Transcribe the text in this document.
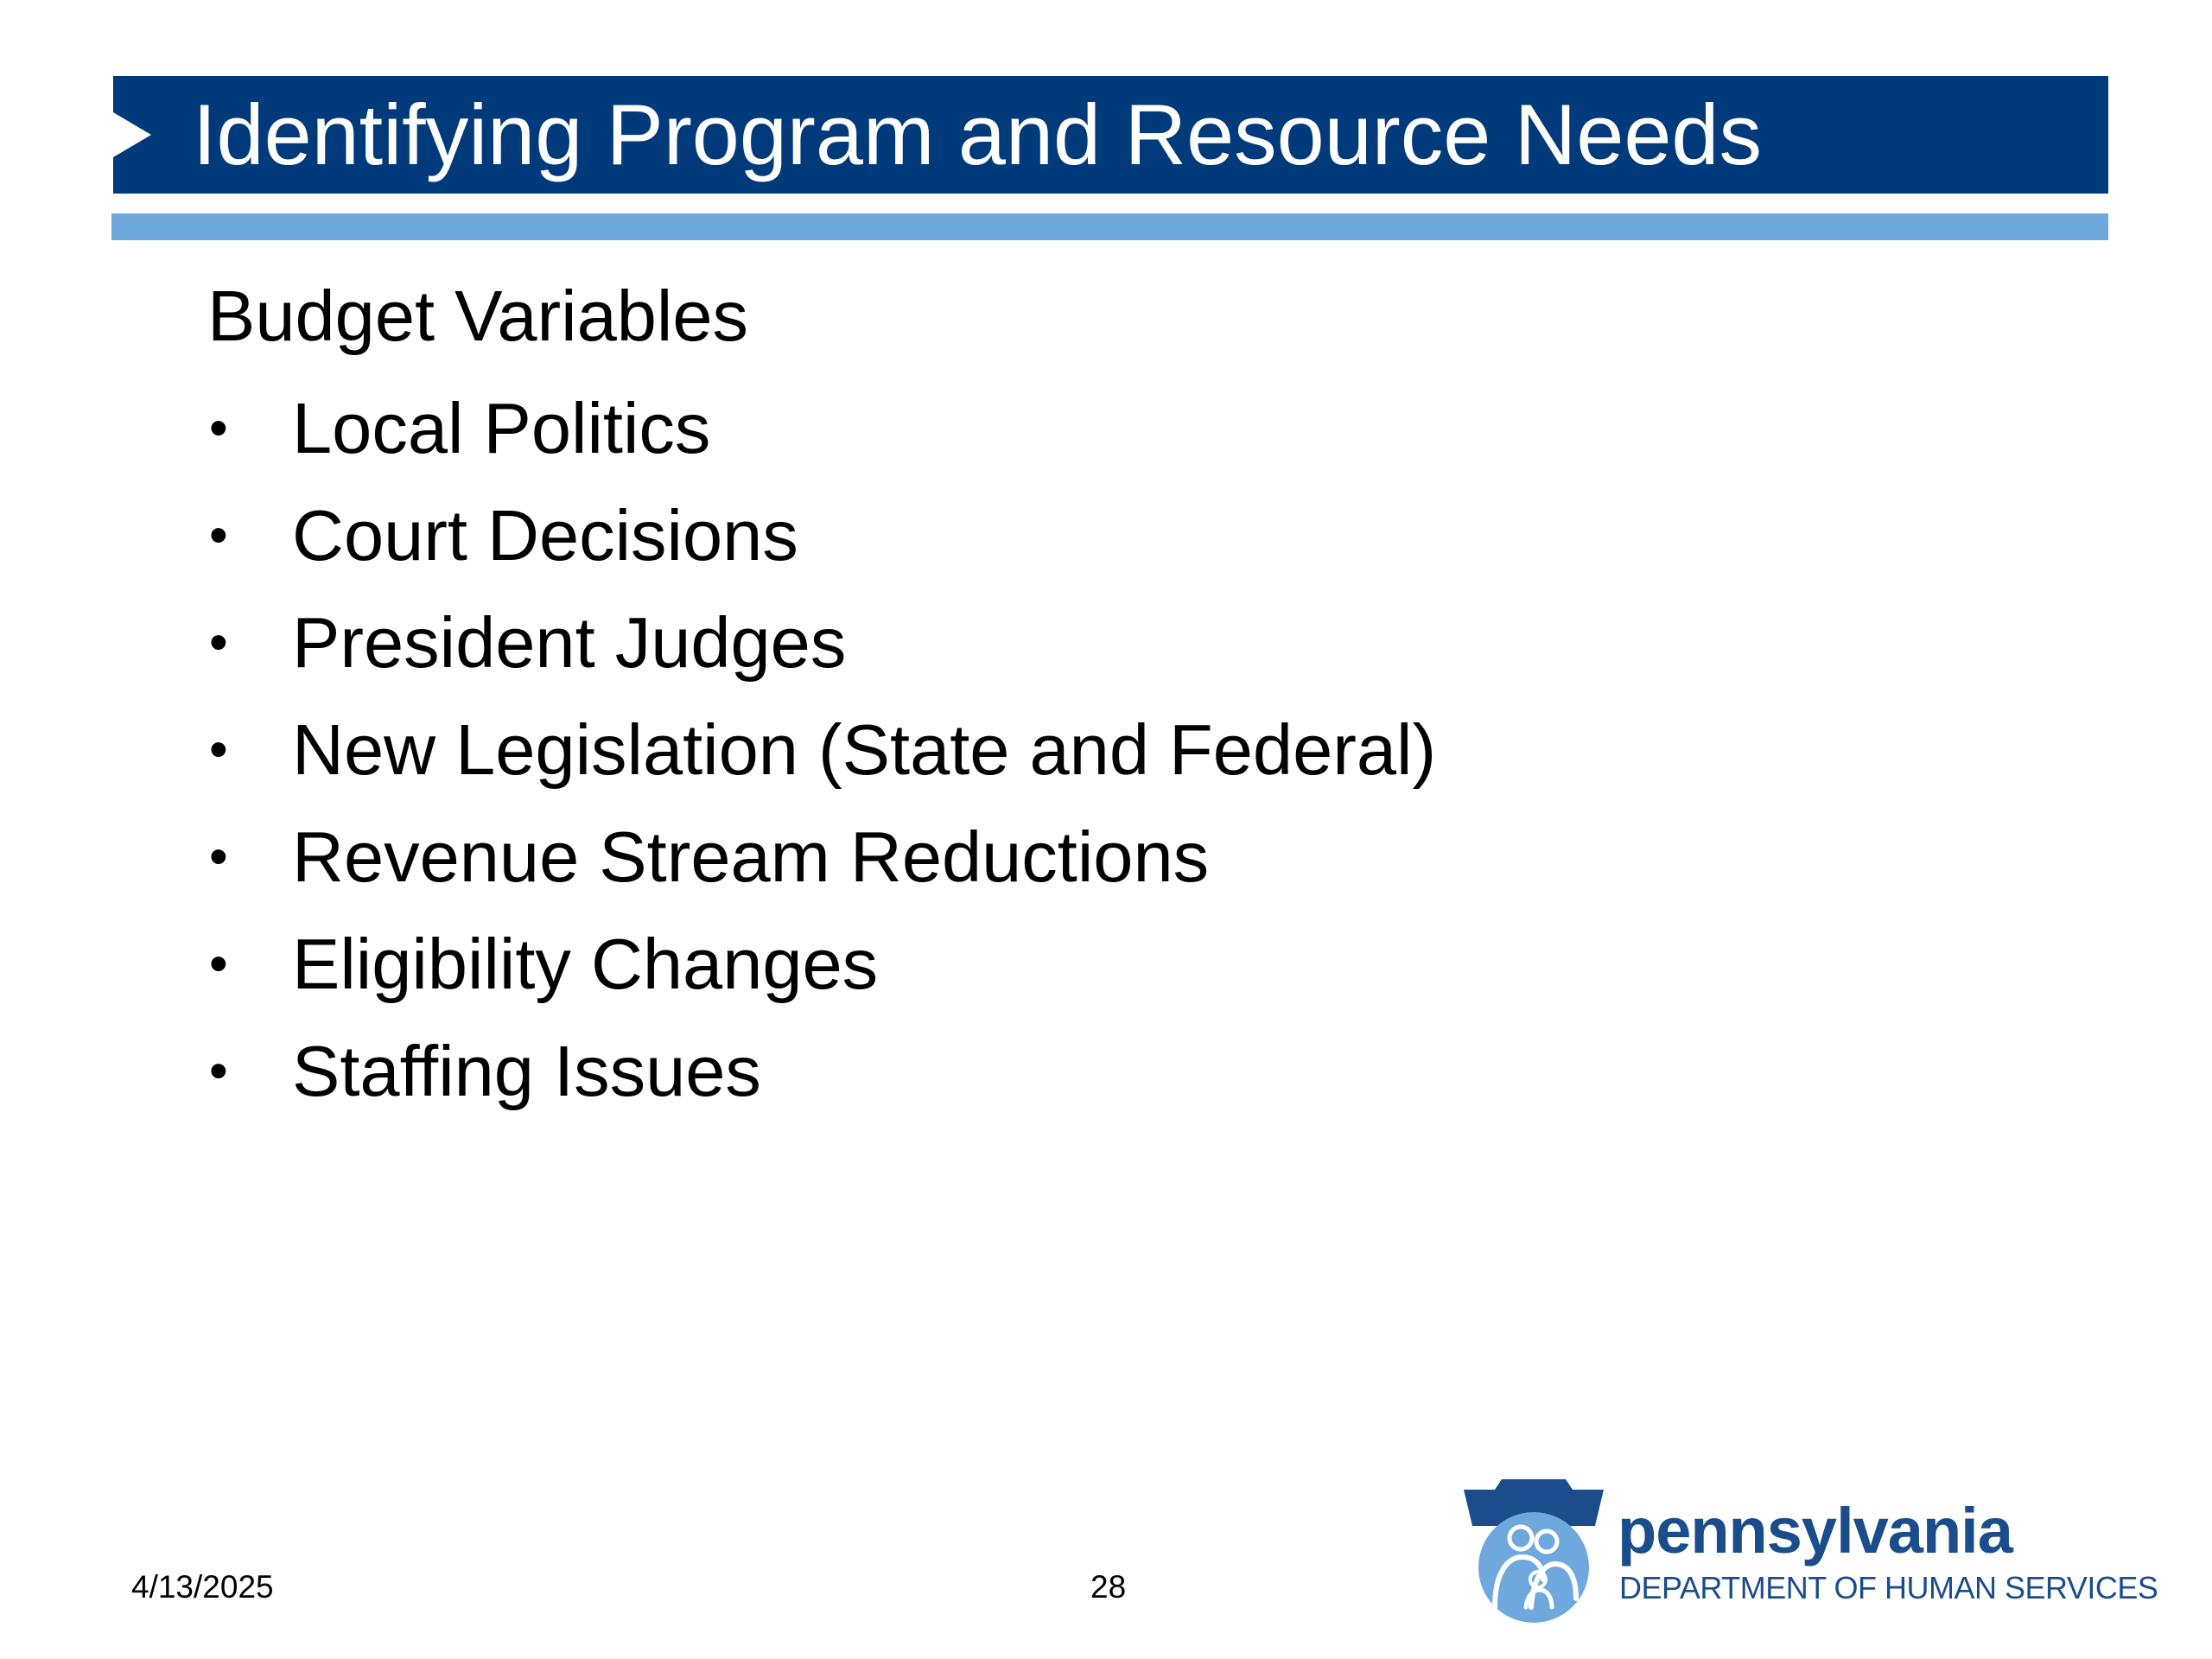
Identifying Program and Resource Needs
Budget Variables
• Local Politics
• Court Decisions
• President Judges
• New Legislation (State and Federal)
• Revenue Stream Reductions
• Eligibility Changes
• Staffing Issues
4/13/2025	28
pennsylvania
DEPARTMENT OF HUMAN SERVICES
